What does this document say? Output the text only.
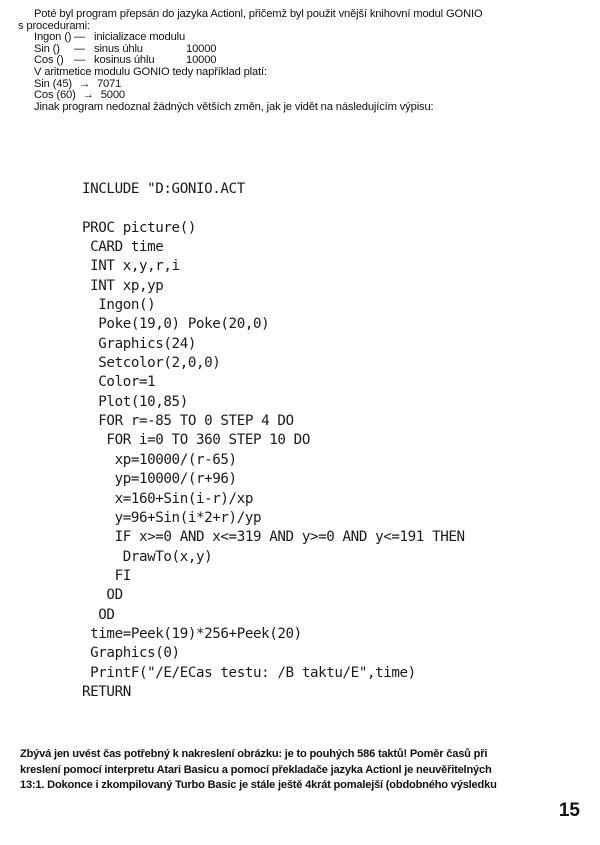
Poté byl program přepsán do jazyka Actionl, přičemž byl použit vnější knihovní modul GONIO

s procedurami:

Ingon () — inicializace modulu
Sin ()	— sinus úhlu	10000
Cos () — kosinus úhlu	10000

V aritmetice modulu GONIO tedy například platí:

Sin (45) → 7071
Cos (60) → 5000

Jinak program nedoznal žádných větších změn, jak je vidět na následujícím výpisu:

INCLUDE "D:GONIO.ACT
PROC picture()
CARD time
INT x,y,r,i
INT xp,yp
Ingon()
Poke(19,0) Poke(20,0)
Graphics(24)
Setcolor(2,0,0)
Color=1
Plot(10,85)
FOR r=-85 TO 0 STEP 4 DO
FOR i=0 TO 360 STEP 10 DO
xp=10000/(r-65)
yp=10000/(r+96)
x=160+Sin(i-r)/xp
y=96+Sin(i*2+r)/yp
IF x>=0 AND x<=319 AND y>=0 AND y<=191 THEN
DrawTo(x,y)
FI
OD
OD
time=Peek(19)*256+Peek(20)
Graphics(0)
PrintF("/E/ECas testu: /B taktu/E",time)
RETURN

Zbývá jen uvést čas potřebný k nakreslení obrázku: je to pouhých 586 taktů! Poměr časů při
kreslení pomocí interpretu Atari Basicu a pomocí překladače jazyka Actionl je neuvěřitelných
13:1. Dokonce i zkompilovaný Turbo Basic je stále ještě 4krát pomalejší (obdobného výsledku

15
